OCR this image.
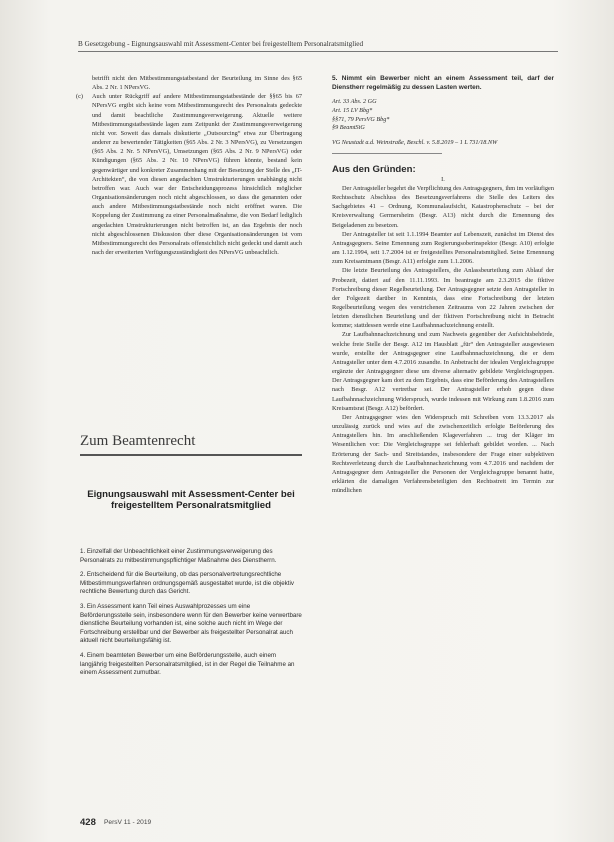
B Gesetzgebung - Eignungsauswahl mit Assessment-Center bei freigestelltem Personalratsmitglied

betrifft nicht den Mitbestimmungstatbestand der Beurteilung im Sinne des §65 Abs. 2 Nr. 1 NPersVG.

(c) Auch unter Rückgriff auf andere Mitbestimmungstatbestände der §§65 bis 67 NPersVG ergibt sich keine vom Mitbestimmungsrecht des Personalrats gedeckte und damit beachtliche Zustimmungsverweigerung. Aktuelle weitere Mitbestimmungstatbestände lagen zum Zeitpunkt der Zustimmungsverweigerung nicht vor. Soweit das damals diskutierte „Outsourcing“ etwa zur Übertragung anderer zu bewertender Tätigkeiten (§65 Abs. 2 Nr. 3 NPersVG), zu Versetzungen (§65 Abs. 2 Nr. 5 NPersVG), Umsetzungen (§65 Abs. 2 Nr. 9 NPersVG) oder Kündigungen (§65 Abs. 2 Nr. 10 NPersVG) führen könnte, bestand kein gegenwärtiger und konkreter Zusammenhang mit der Besetzung der Stelle des „IT-Architekten“, die von diesen angedachten Umstrukturierungen unabhängig nicht betroffen war. Auch war der Entscheidungsprozess hinsichtlich möglicher Organisationsänderungen noch nicht abgeschlossen, so dass die genannten oder auch andere Mitbestimmungstatbestände noch nicht eröffnet waren. Die Koppelung der Zustimmung zu einer Personalmaßnahme, die von Bedarf lediglich angedachten Umstrukturierungen nicht betroffen ist, an das Ergebnis der noch nicht abgeschlossenen Diskussion über diese Organisationsänderungen ist vom Mitbestimmungsrecht des Personalrats offensichtlich nicht gedeckt und damit auch nach der erweiterten Verfügungszuständigkeit des NPersVG unbeachtlich.

Zum Beamtenrecht
Eignungsauswahl mit Assessment-Center bei freigestelltem Personalratsmitglied

1. Einzelfall der Unbeachtlichkeit einer Zustimmungsverweigerung des Personalrats zu mitbestimmungspflichtiger Maßnahme des Dienstherrn.

2. Entscheidend für die Beurteilung, ob das personalvertretungsrechtliche Mitbestimmungsverfahren ordnungsgemäß ausgestaltet wurde, ist die objektiv rechtliche Bewertung durch das Gericht.

3. Ein Assessment kann Teil eines Auswahlprozesses um eine Beförderungsstelle sein, insbesondere wenn für den Bewerber keine verwertbare dienstliche Beurteilung vorhanden ist, eine solche auch nicht im Wege der Fortschreibung erstellbar und der Bewerber als freigestellter Personalrat auch aktuell nicht beurteilungsfähig ist.

4. Einem beamteten Bewerber um eine Beförderungsstelle, auch einem langjährig freigestellten Personalratsmitglied, ist in der Regel die Teilnahme an einem Assessment zumutbar.

5. Nimmt ein Bewerber nicht an einem Assessment teil, darf der Dienstherr regelmäßig zu dessen Lasten werten.

Art. 33 Abs. 2 GG
Art. 15 LV Bbg*
§§71, 79 PersVG Bbg*
§9 BeamtStG
VG Neustadt a.d. Weinstraße, Beschl. v. 5.8.2019 – 1 L 731/18.NW
Aus den Gründen:

I.

Der Antragsteller begehrt die Verpflichtung des Antragsgegners, ihm im vorläufigen Rechtsschutz Abschluss des Besetzungsverfahrens die Stelle des Leiters des Sachgebietes 41 – Ordnung, Kommunalaufsicht, Katastrophenschutz – bei der Kreisverwaltung Germersheim (Besgr. A13) nicht durch die Ernennung des Beigeladenen zu besetzen.

Der Antragsteller ist seit 1.1.1994 Beamter auf Lebenszeit, zunächst im Dienst des Antragsgegners. Seine Ernennung zum Regierungsoberinspektor (Besgr. A10) erfolgte am 1.12.1994, seit 1.7.2004 ist er freigestelltes Personalratsmitglied. Seine Ernennung zum Kreisamtmann (Besgr. A11) erfolgte zum 1.1.2006.

Die letzte Beurteilung des Antragstellers, die Anlassbeurteilung zum Ablauf der Probezeit, datiert auf den 11.11.1993. Im beantragte am 2.3.2015 die fiktive Fortschreibung dieser Regelbeurteilung. Der Antragsgegner setzte den Antragsteller in der Folgezeit darüber in Kenntnis, dass eine Fortschreibung der letzten Regelbeurteilung wegen des verstrichenen Zeitraums von 22 Jahren zwischen der letzten dienstlichen Beurteilung und der fiktiven Fortschreibung nicht in Betracht komme; stattdessen werde eine Laufbahnnachzeichnung erstellt.

Zur Laufbahnnachzeichnung und zum Nachweis gegenüber der Aufsichtsbehörde, welche freie Stelle der Besgr. A12 im Hausblatt „für“ den Antragsteller ausgewiesen wurde, erstellte der Antragsgegner eine Laufbahnnachzeichnung, die er dem Antragsteller unter dem 4.7.2016 zusandte. In Anbetracht der idealen Vergleichsgruppe ergänzte der Antragsgegner diese um diverse alternativ gebildete Vergleichsgruppen. Der Antragsgegner kam dort zu dem Ergebnis, dass eine Beförderung des Antragstellers nach Besgr. A12 vertretbar sei. Der Antragsteller erhob gegen diese Laufbahnnachzeichnung Widerspruch, wurde indessen mit Wirkung zum 1.8.2016 zum Kreisamtsrat (Besgr. A12) befördert.

Der Antragsgegner wies den Widerspruch mit Schreiben vom 13.3.2017 als unzulässig zurück und wies auf die zwischenzeitlich erfolgte Beförderung des Antragstellers hin. Im anschließenden Klageverfahren ... trug der Kläger im Wesentlichen vor: Die Vergleichsgruppe sei fehlerhaft gebildet worden. ... Nach Erörterung der Sach- und Streitstandes, insbesondere der Frage einer subjektiven Rechtsverletzung durch die Laufbahnnachzeichnung vom 4.7.2016 und nachdem der Antragsgegner dem Antragsteller die Personen der Vergleichsgruppe benannt hatte, erklärten die damaligen Verfahrensbeteiligten den Rechtsstreit im Termin zur mündlichen

428 PersV 11 - 2019
